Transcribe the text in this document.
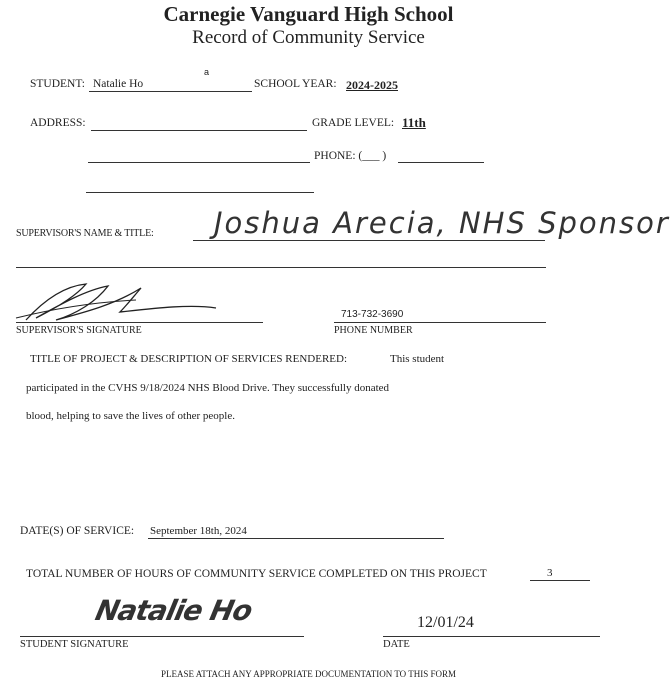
Carnegie Vanguard High School
Record of Community Service
STUDENT: Natalie Ho
a
SCHOOL YEAR: 2024-2025
ADDRESS:	GRADE LEVEL: 11th
PHONE: (___ )
SUPERVISOR'S NAME & TITLE: Joshua Arecia, NHS Sponsor
SUPERVISOR'S SIGNATURE
713-732-3690
PHONE NUMBER
TITLE OF PROJECT & DESCRIPTION OF SERVICES RENDERED:	This student
participated in the CVHS 9/18/2024 NHS Blood Drive. They successfully donated
blood, helping to save the lives of other people.
DATE(S) OF SERVICE: September 18th, 2024
TOTAL NUMBER OF HOURS OF COMMUNITY SERVICE COMPLETED ON THIS PROJECT	3
Natalie Ho
STUDENT SIGNATURE
12/01/24
DATE
PLEASE ATTACH ANY APPROPRIATE DOCUMENTATION TO THIS FORM
